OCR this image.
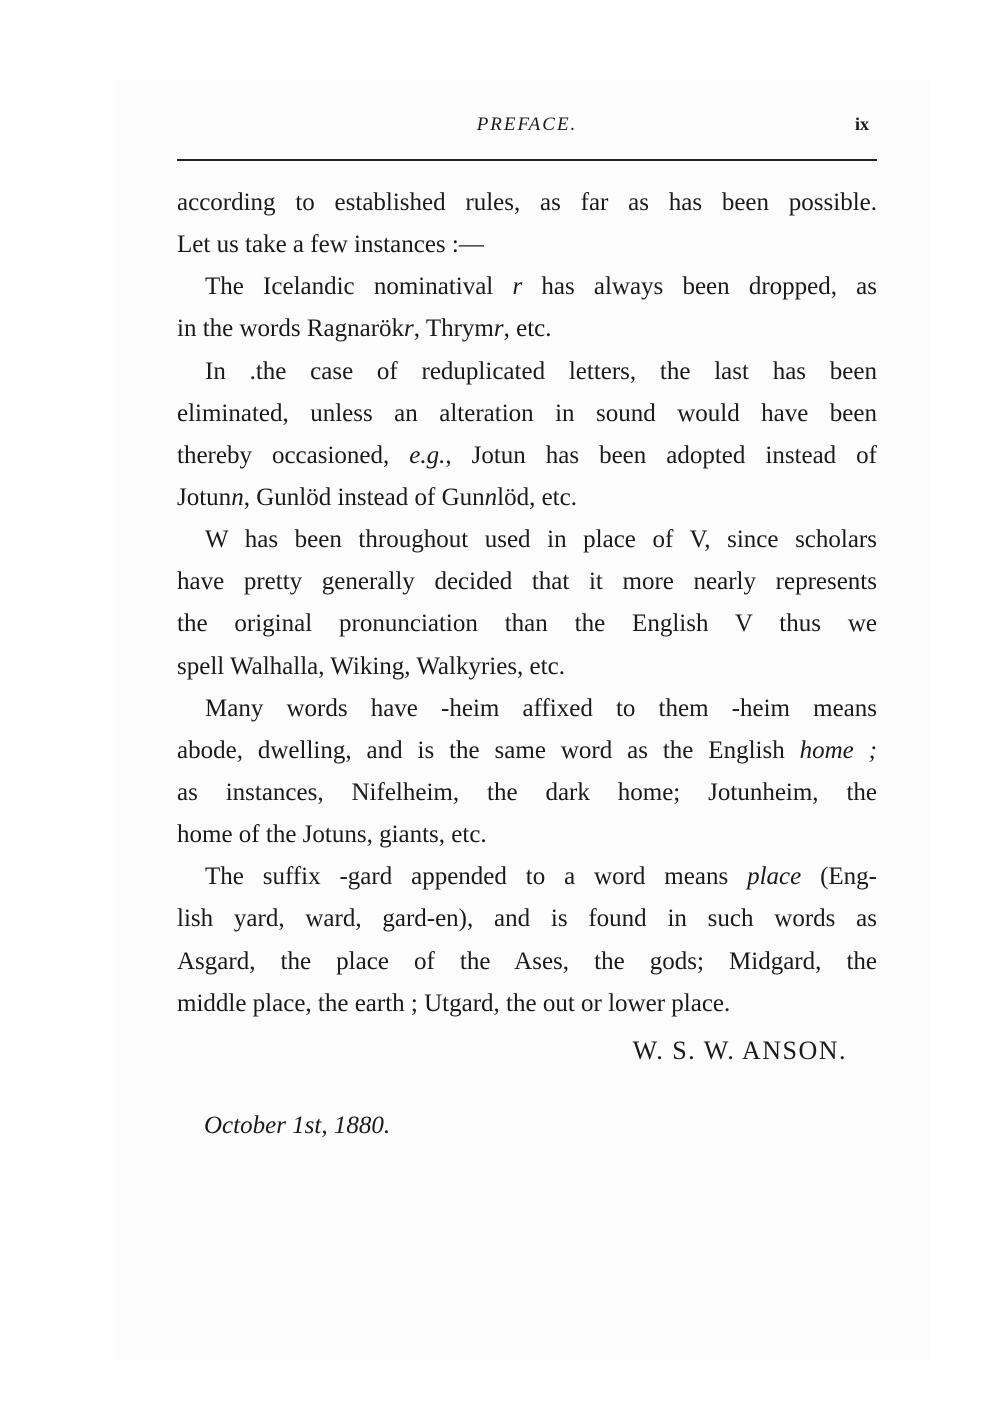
PREFACE.	ix
according to established rules, as far as has been possible.
Let us take a few instances :—
The Icelandic nominatival r has always been dropped, as
in the words Ragnarökr, Thrymr, etc.
In .the case of reduplicated letters, the last has been
eliminated, unless an alteration in sound would have been
thereby occasioned, e.g., Jotun has been adopted instead of
Jotunn, Gunlöd instead of Gunnlöd, etc.
W has been throughout used in place of V, since scholars
have pretty generally decided that it more nearly represents
the original pronunciation than the English V thus we
spell Walhalla, Wiking, Walkyries, etc.
Many words have -heim affixed to them -heim means
abode, dwelling, and is the same word as the English home ;
as instances, Nifelheim, the dark home; Jotunheim, the
home of the Jotuns, giants, etc.
The suffix -gard appended to a word means place (Eng-
lish yard, ward, gard-en), and is found in such words as
Asgard, the place of the Ases, the gods; Midgard, the
middle place, the earth ; Utgard, the out or lower place.
W. S. W. ANSON.
October 1st, 1880.
